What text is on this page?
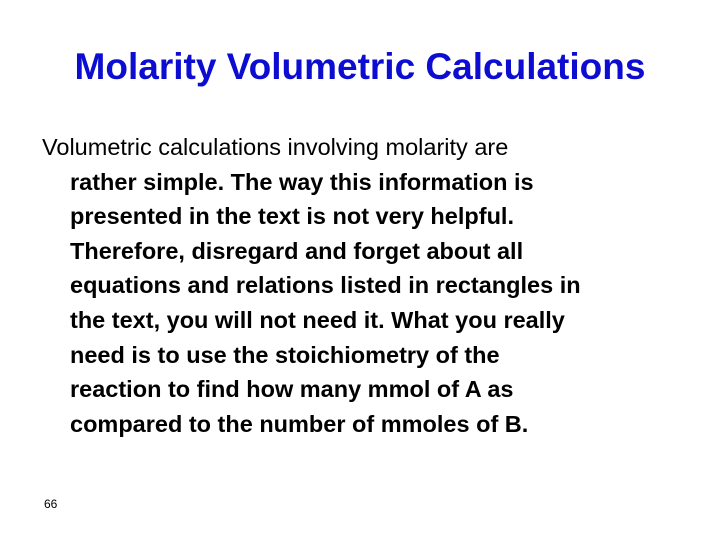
Molarity Volumetric Calculations
Volumetric calculations involving molarity are
rather simple. The way this information is
presented in the text is not very helpful.
Therefore, disregard and forget about all
equations and relations listed in rectangles in
the text, you will not need it. What you really
need is to use the stoichiometry of the
reaction to find how many mmol of A as
compared to the number of mmoles of B.
66
